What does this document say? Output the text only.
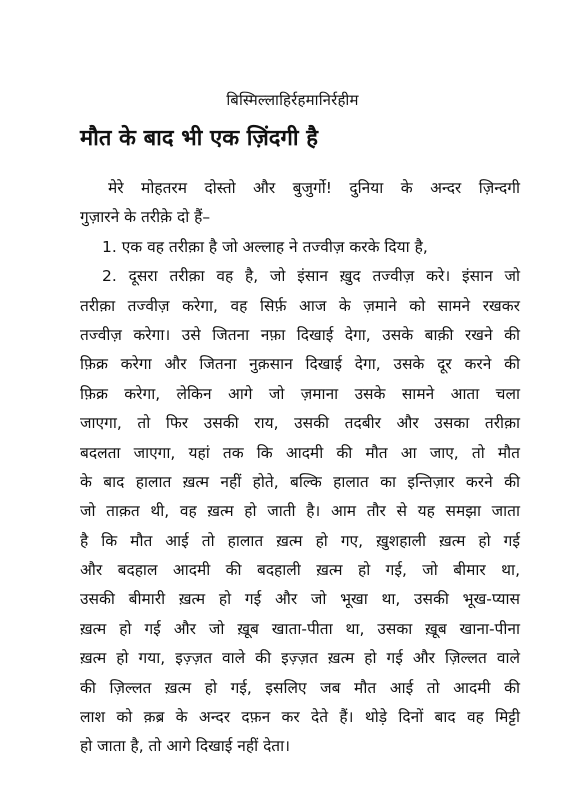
बिस्मिल्लाहिर्रहमानिर्रहीम
मौत के बाद भी एक ज़िंदगी है
मेरे मोहतरम दोस्तो और बुजुर्गो! दुनिया के अन्दर ज़िन्दगी
गुज़ारने के तरीक़े दो हैं–
1. एक वह तरीक़ा है जो अल्लाह ने तज्वीज़ करके दिया है,
2. दूसरा तरीक़ा वह है, जो इंसान ख़ुद तज्वीज़ करे। इंसान जो
तरीक़ा तज्वीज़ करेगा, वह सिर्फ़ आज के ज़माने को सामने रखकर
तज्वीज़ करेगा। उसे जितना नफ़ा दिखाई देगा, उसके बाक़ी रखने की
फ़िक्र करेगा और जितना नुक़सान दिखाई देगा, उसके दूर करने की
फ़िक्र करेगा, लेकिन आगे जो ज़माना उसके सामने आता चला
जाएगा, तो फिर उसकी राय, उसकी तदबीर और उसका तरीक़ा
बदलता जाएगा, यहां तक कि आदमी की मौत आ जाए, तो मौत
के बाद हालात ख़त्म नहीं होते, बल्कि हालात का इन्तिज़ार करने की
जो ताक़त थी, वह ख़त्म हो जाती है। आम तौर से यह समझा जाता
है कि मौत आई तो हालात ख़त्म हो गए, ख़ुशहाली ख़त्म हो गई
और बदहाल आदमी की बदहाली ख़त्म हो गई, जो बीमार था,
उसकी बीमारी ख़त्म हो गई और जो भूखा था, उसकी भूख-प्यास
ख़त्म हो गई और जो ख़ूब खाता-पीता था, उसका ख़ूब खाना-पीना
ख़त्म हो गया, इज़्ज़त वाले की इज़्ज़त ख़त्म हो गई और ज़िल्लत वाले
की ज़िल्लत ख़त्म हो गई, इसलिए जब मौत आई तो आदमी की
लाश को क़ब्र के अन्दर दफ़न कर देते हैं। थोड़े दिनों बाद वह मिट्टी
हो जाता है, तो आगे दिखाई नहीं देता।
